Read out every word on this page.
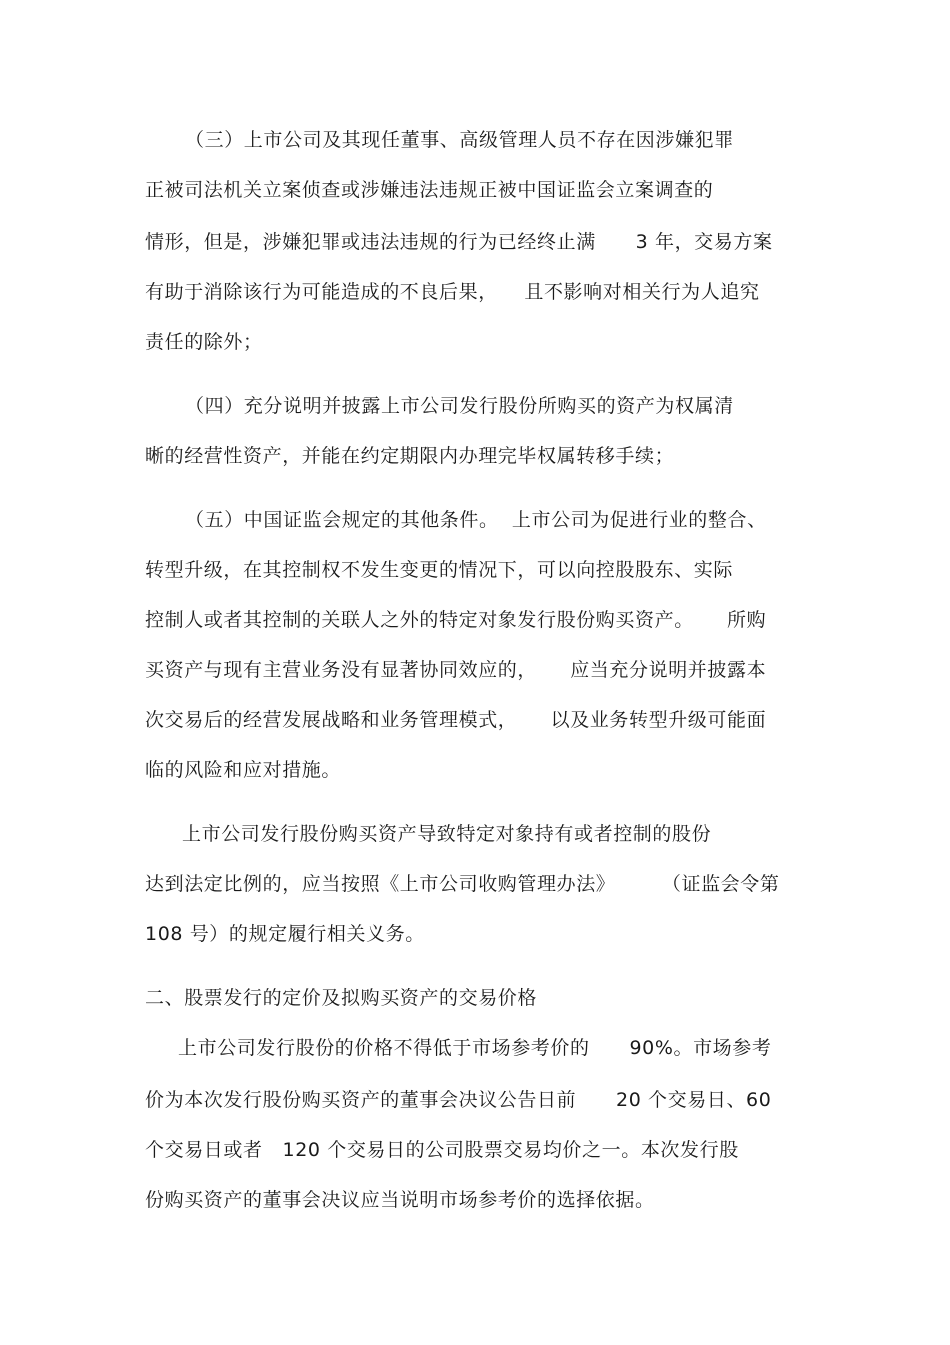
（三）上市公司及其现任董事、高级管理人员不存在因涉嫌犯罪
正被司法机关立案侦查或涉嫌违法违规正被中国证监会立案调查的
情形，但是，涉嫌犯罪或违法违规的行为已经终止满      3 年，交易方案
有助于消除该行为可能造成的不良后果，    且不影响对相关行为人追究
责任的除外；
（四）充分说明并披露上市公司发行股份所购买的资产为权属清
晰的经营性资产，并能在约定期限内办理完毕权属转移手续；
（五）中国证监会规定的其他条件。  上市公司为促进行业的整合、
转型升级，在其控制权不发生变更的情况下，可以向控股股东、实际
控制人或者其控制的关联人之外的特定对象发行股份购买资产。     所购
买资产与现有主营业务没有显著协同效应的，     应当充分说明并披露本
次交易后的经营发展战略和业务管理模式，     以及业务转型升级可能面
临的风险和应对措施。
上市公司发行股份购买资产导致特定对象持有或者控制的股份
达到法定比例的，应当按照《上市公司收购管理办法》       （证监会令第
108 号）的规定履行相关义务。
二、股票发行的定价及拟购买资产的交易价格
上市公司发行股份的价格不得低于市场参考价的      90%。市场参考
价为本次发行股份购买资产的董事会决议公告日前      20 个交易日、60
个交易日或者   120 个交易日的公司股票交易均价之一。本次发行股
份购买资产的董事会决议应当说明市场参考价的选择依据。
